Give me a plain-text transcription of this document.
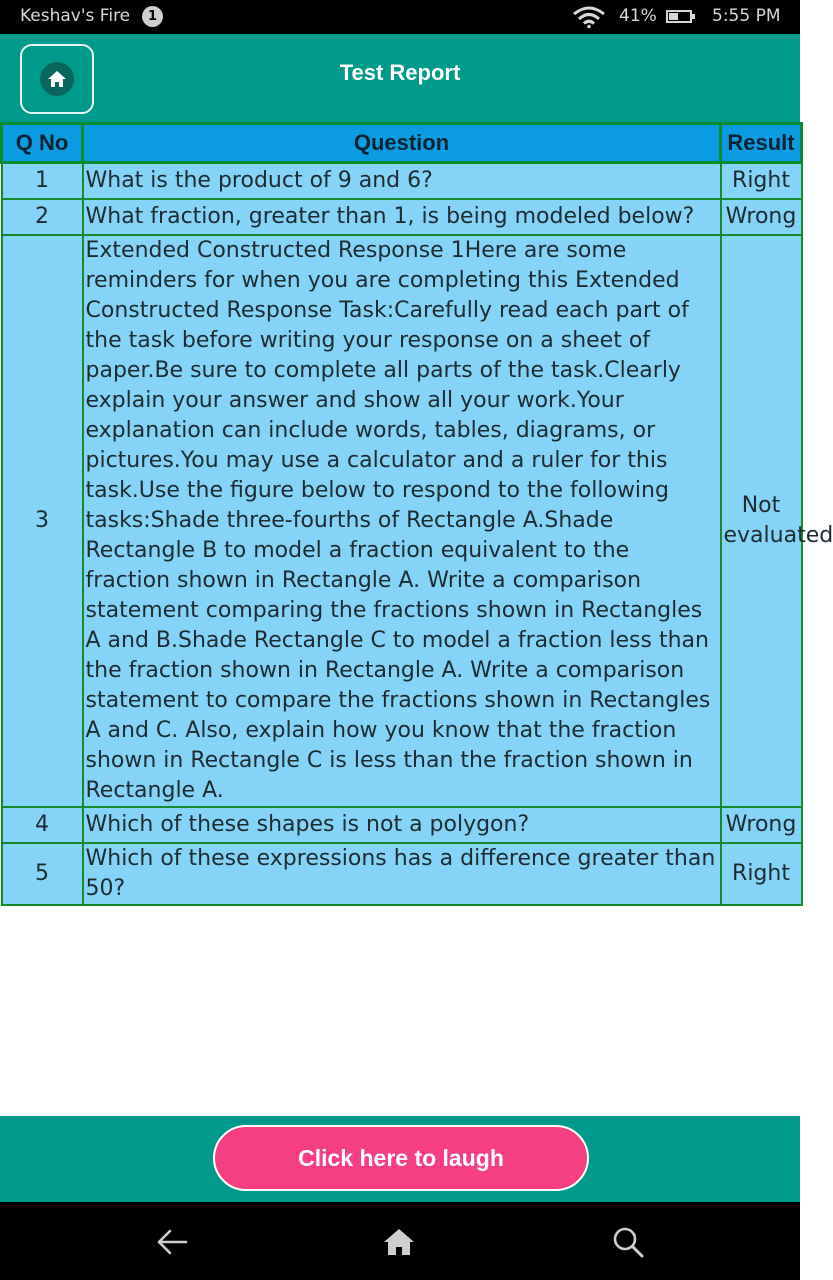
Keshav's Fire	1	41%	5:55 PM
Test Report
Q No	Question	Result
1	What is the product of 9 and 6?	Right
2	What fraction, greater than 1, is being modeled below?	Wrong
3	Extended Constructed Response 1Here are some reminders for when you are completing this Extended Constructed Response Task:Carefully read each part of the task before writing your response on a sheet of paper.Be sure to complete all parts of the task.Clearly explain your answer and show all your work.Your explanation can include words, tables, diagrams, or pictures.You may use a calculator and a ruler for this task.Use the figure below to respond to the following tasks:Shade three-fourths of Rectangle A.Shade Rectangle B to model a fraction equivalent to the fraction shown in Rectangle A. Write a comparison statement comparing the fractions shown in Rectangles A and B.Shade Rectangle C to model a fraction less than the fraction shown in Rectangle A. Write a comparison statement to compare the fractions shown in Rectangles A and C. Also, explain how you know that the fraction shown in Rectangle C is less than the fraction shown in Rectangle A.	Not evaluated
4	Which of these shapes is not a polygon?	Wrong
5	Which of these expressions has a difference greater than 50?	Right
Click here to laugh
